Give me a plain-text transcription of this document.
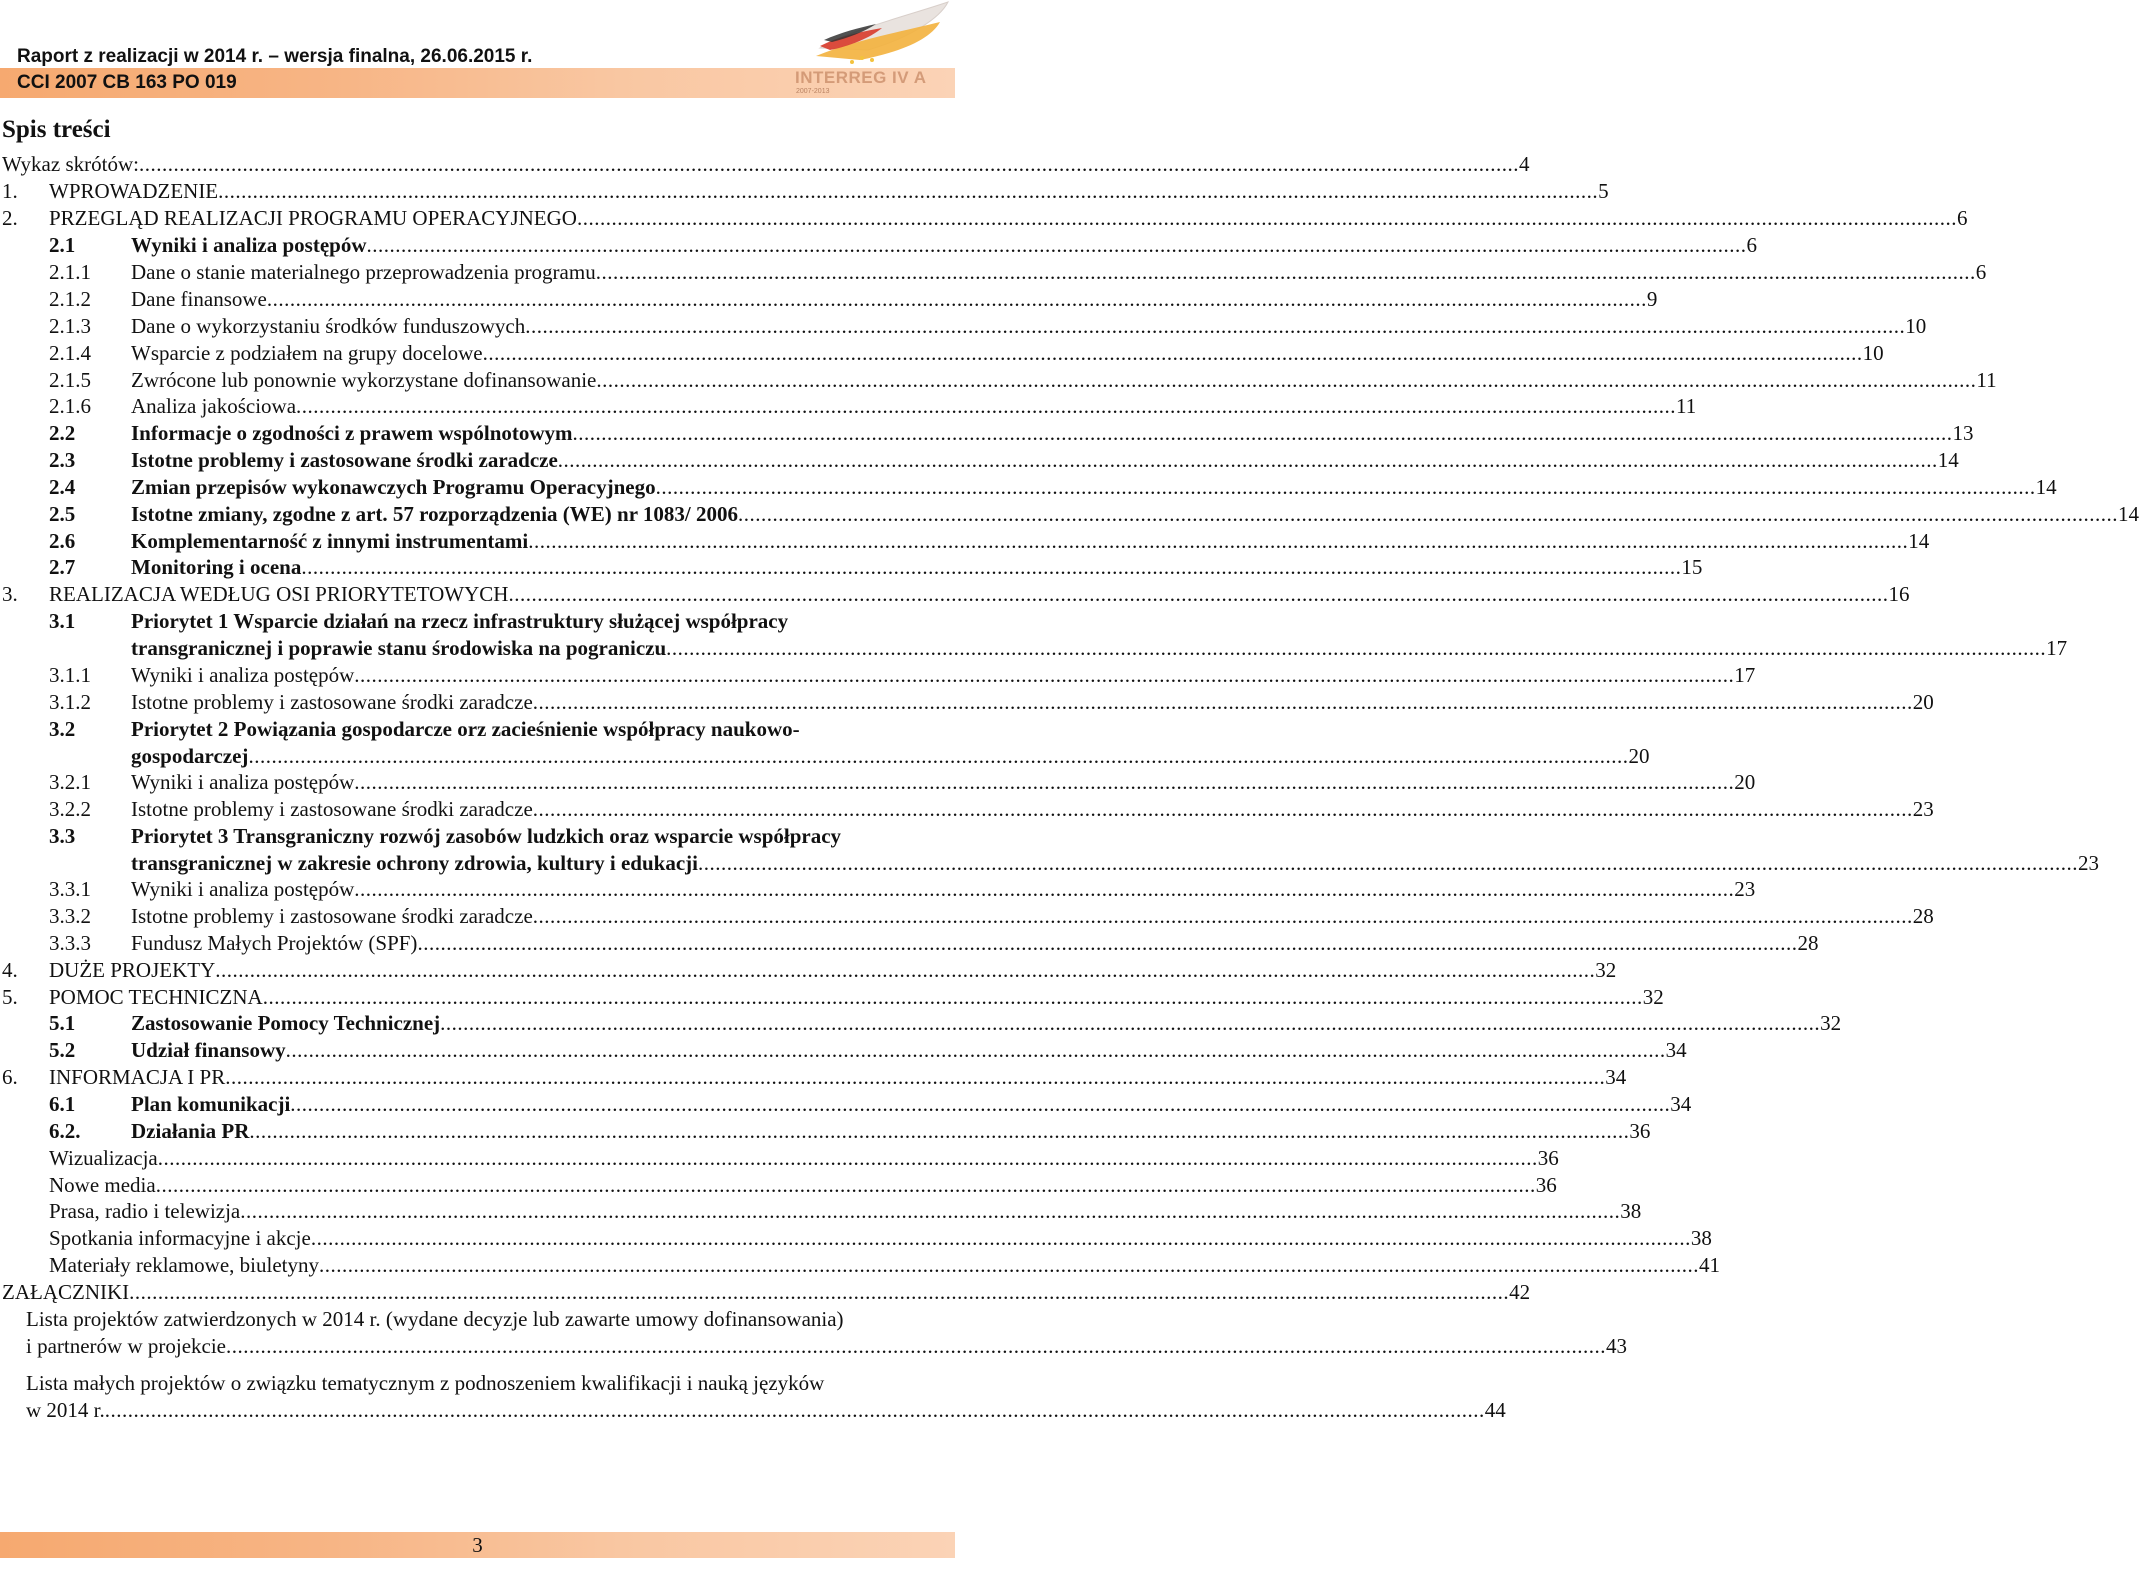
Raport z realizacji w 2014 r. – wersja finalna, 26.06.2015 r.
CCI 2007 CB 163 PO 019	INTERREG IV A
2007-2013
Spis treści
Wykaz skrótów: .....	4
1.	WPROWADZENIE .....	5
2.	PRZEGLĄD REALIZACJI PROGRAMU OPERACYJNEGO .....	6
2.1	Wyniki i analiza postępów .....	6
2.1.1	Dane o stanie materialnego przeprowadzenia programu .....	6
2.1.2	Dane finansowe .....	9
2.1.3	Dane o wykorzystaniu środków funduszowych .....	10
2.1.4	Wsparcie z podziałem na grupy docelowe .....	10
2.1.5	Zwrócone lub ponownie wykorzystane dofinansowanie .....	11
2.1.6	Analiza jakościowa .....	11
2.2	Informacje o zgodności z prawem wspólnotowym .....	13
2.3	Istotne problemy i zastosowane środki zaradcze .....	14
2.4	Zmian przepisów wykonawczych Programu Operacyjnego .....	14
2.5	Istotne zmiany, zgodne z art. 57 rozporządzenia (WE) nr 1083/ 2006 .....	14
2.6	Komplementarność z innymi instrumentami .....	14
2.7	Monitoring i ocena .....	15
3.	REALIZACJA WEDŁUG OSI PRIORYTETOWYCH .....	16
3.1	Priorytet 1 Wsparcie działań na rzecz infrastruktury służącej współpracy
transgranicznej i poprawie stanu środowiska na pograniczu .....	17
3.1.1	Wyniki i analiza postępów .....	17
3.1.2	Istotne problemy i zastosowane środki zaradcze .....	20
3.2	Priorytet 2 Powiązania gospodarcze orz zacieśnienie współpracy naukowo-
gospodarczej .....	20
3.2.1	Wyniki i analiza postępów .....	20
3.2.2	Istotne problemy i zastosowane środki zaradcze .....	23
3.3	Priorytet 3 Transgraniczny rozwój zasobów ludzkich oraz wsparcie współpracy
transgranicznej w zakresie ochrony zdrowia, kultury i edukacji .....	23
3.3.1	Wyniki i analiza postępów .....	23
3.3.2	Istotne problemy i zastosowane środki zaradcze .....	28
3.3.3	Fundusz Małych Projektów (SPF) .....	28
4.	DUŻE PROJEKTY .....	32
5.	POMOC TECHNICZNA .....	32
5.1	Zastosowanie Pomocy Technicznej .....	32
5.2	Udział finansowy .....	34
6.	INFORMACJA I PR .....	34
6.1	Plan komunikacji .....	34
6.2.	Działania PR .....	36
Wizualizacja .....	36
Nowe media .....	36
Prasa, radio i telewizja .....	38
Spotkania informacyjne i akcje .....	38
Materiały reklamowe, biuletyny .....	41
ZAŁĄCZNIKI .....	42
Lista projektów zatwierdzonych w 2014 r. (wydane decyzje lub zawarte umowy dofinansowania)
i partnerów w projekcie .....	43
Lista małych projektów o związku tematycznym z podnoszeniem kwalifikacji i nauką języków
w 2014 r. .....	44
3
